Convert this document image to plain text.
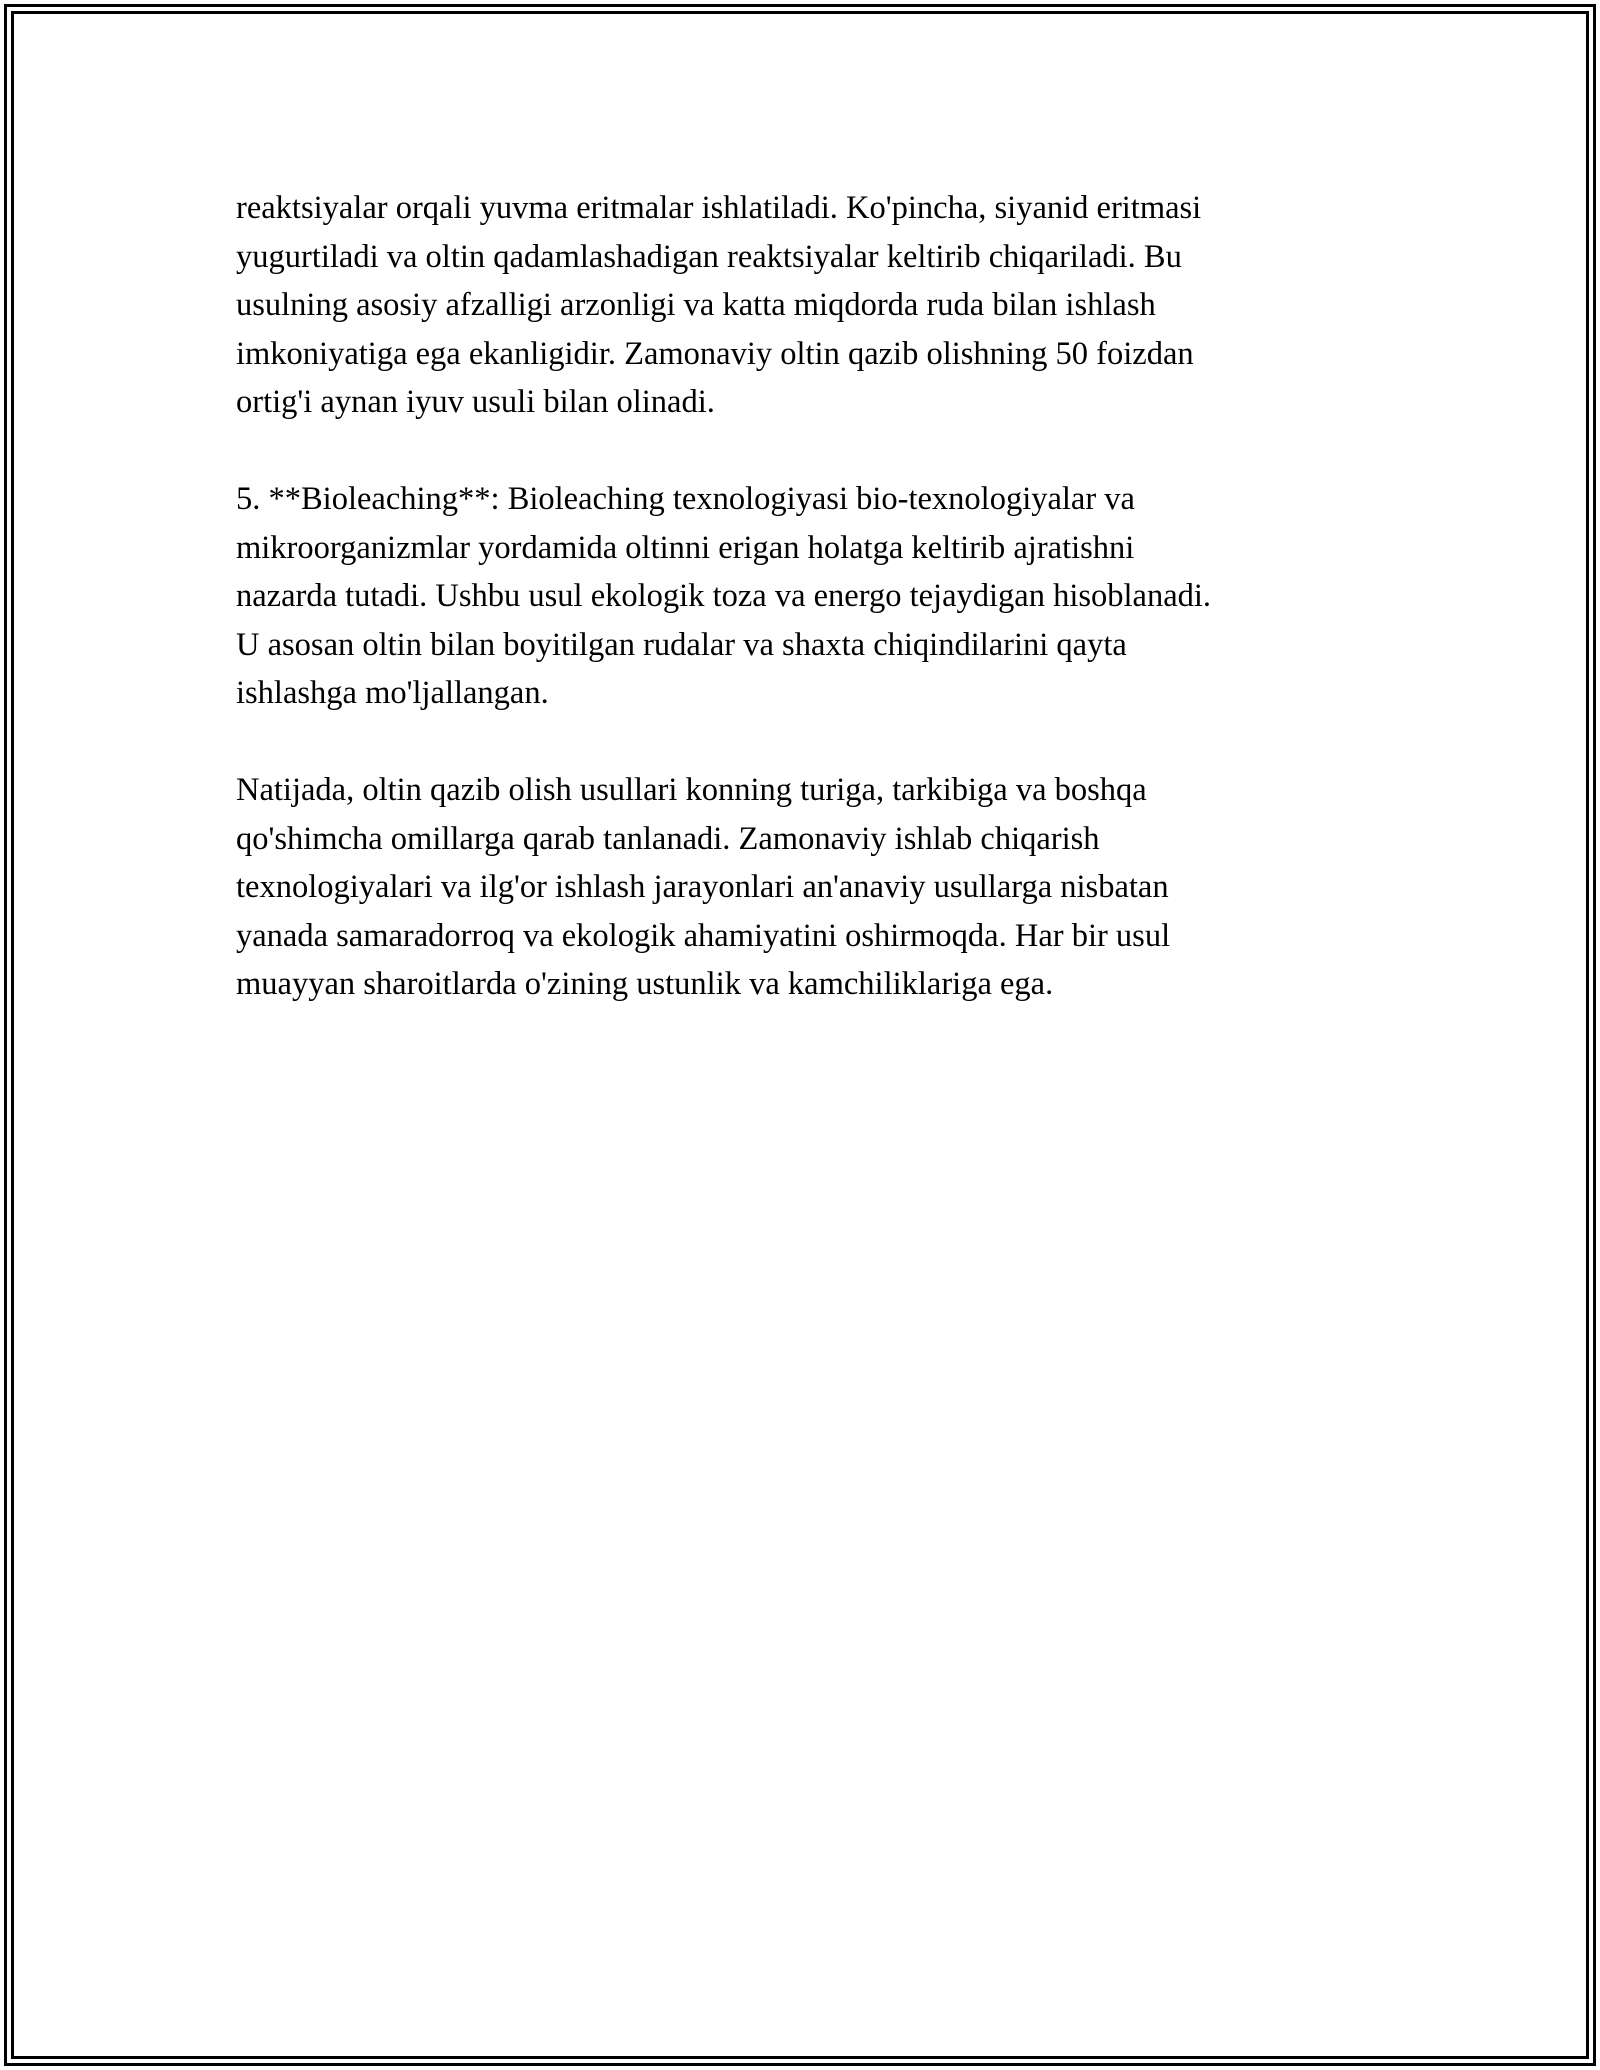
reaktsiyalar orqali yuvma eritmalar ishlatiladi. Ko'pincha, siyanid eritmasi
yugurtiladi va oltin qadamlashadigan reaktsiyalar keltirib chiqariladi. Bu
usulning asosiy afzalligi arzonligi va katta miqdorda ruda bilan ishlash
imkoniyatiga ega ekanligidir. Zamonaviy oltin qazib olishning 50 foizdan
ortig'i aynan iyuv usuli bilan olinadi.

5. **Bioleaching**: Bioleaching texnologiyasi bio-texnologiyalar va
mikroorganizmlar yordamida oltinni erigan holatga keltirib ajratishni
nazarda tutadi. Ushbu usul ekologik toza va energo tejaydigan hisoblanadi.
U asosan oltin bilan boyitilgan rudalar va shaxta chiqindilarini qayta
ishlashga mo'ljallangan.

Natijada, oltin qazib olish usullari konning turiga, tarkibiga va boshqa
qo'shimcha omillarga qarab tanlanadi. Zamonaviy ishlab chiqarish
texnologiyalari va ilg'or ishlash jarayonlari an'anaviy usullarga nisbatan
yanada samaradorroq va ekologik ahamiyatini oshirmoqda. Har bir usul
muayyan sharoitlarda o'zining ustunlik va kamchiliklariga ega.
